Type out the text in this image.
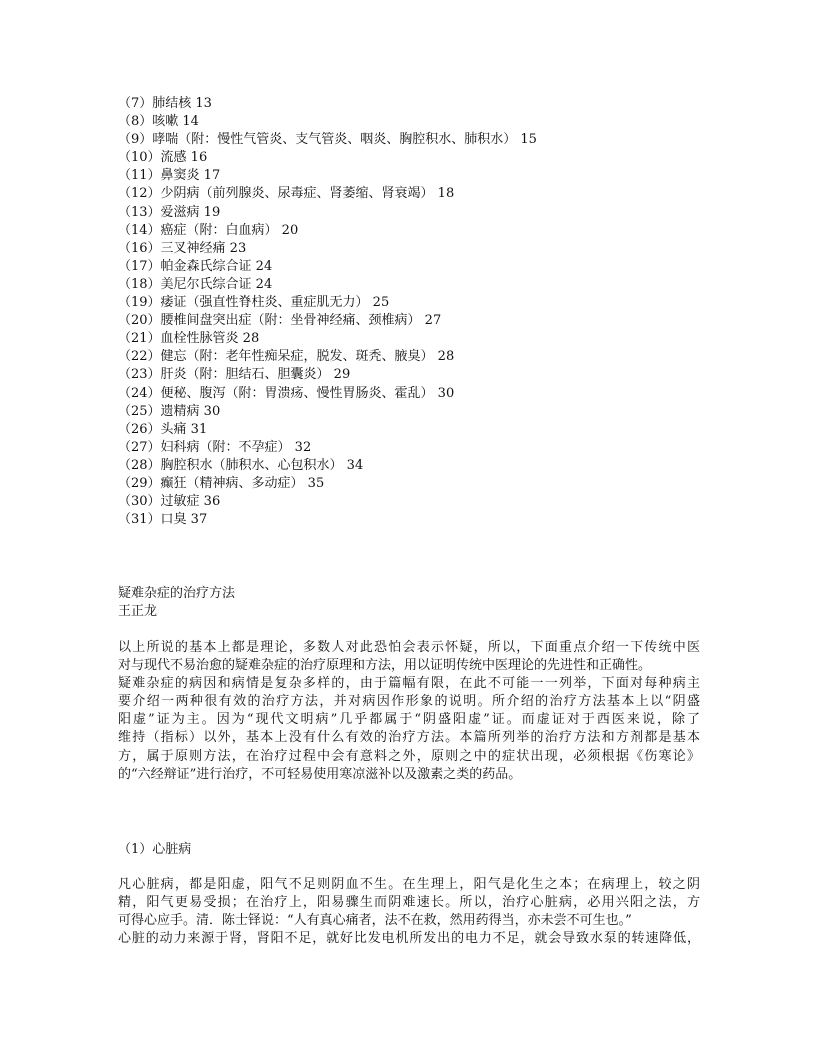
（7）肺结核 13
（8）咳嗽 14
（9）哮喘（附：慢性气管炎、支气管炎、咽炎、胸腔积水、肺积水） 15
（10）流感 16
（11）鼻窦炎 17
（12）少阴病（前列腺炎、尿毒症、肾萎缩、肾衰竭） 18
（13）爱滋病 19
（14）癌症（附：白血病） 20
（16）三叉神经痛 23
（17）帕金森氏综合证 24
（18）美尼尔氏综合证 24
（19）痿证（强直性脊柱炎、重症肌无力） 25
（20）腰椎间盘突出症（附：坐骨神经痛、颈椎病） 27
（21）血栓性脉管炎 28
（22）健忘（附：老年性痴呆症，脱发、斑秃、腋臭） 28
（23）肝炎（附：胆结石、胆囊炎） 29
（24）便秘、腹泻（附：胃溃疡、慢性胃肠炎、霍乱） 30
（25）遗精病 30
（26）头痛 31
（27）妇科病（附：不孕症） 32
（28）胸腔积水（肺积水、心包积水） 34
（29）癫狂（精神病、多动症） 35
（30）过敏症 36
（31）口臭 37
疑难杂症的治疗方法
王正龙
以上所说的基本上都是理论，多数人对此恐怕会表示怀疑，所以，下面重点介绍一下传统中医
对与现代不易治愈的疑难杂症的治疗原理和方法，用以证明传统中医理论的先进性和正确性。
疑难杂症的病因和病情是复杂多样的，由于篇幅有限，在此不可能一一列举，下面对每种病主
要介绍一两种很有效的治疗方法，并对病因作形象的说明。所介绍的治疗方法基本上以“阴盛
阳虚”证为主。因为“现代文明病”几乎都属于“阴盛阳虚”证。而虚证对于西医来说，除了
维持（指标）以外，基本上没有什么有效的治疗方法。本篇所列举的治疗方法和方剂都是基本
方，属于原则方法，在治疗过程中会有意料之外，原则之中的症状出现，必须根据《伤寒论》
的“六经辩证”进行治疗，不可轻易使用寒凉滋补以及激素之类的药品。
（1）心脏病
凡心脏病，都是阳虚，阳气不足则阴血不生。在生理上，阳气是化生之本；在病理上，较之阴
精，阳气更易受损；在治疗上，阳易骤生而阴难速长。所以，治疗心脏病，必用兴阳之法，方
可得心应手。清．陈士铎说：“人有真心痛者，法不在救，然用药得当，亦未尝不可生也。”
心脏的动力来源于肾，肾阳不足，就好比发电机所发出的电力不足，就会导致水泵的转速降低，
